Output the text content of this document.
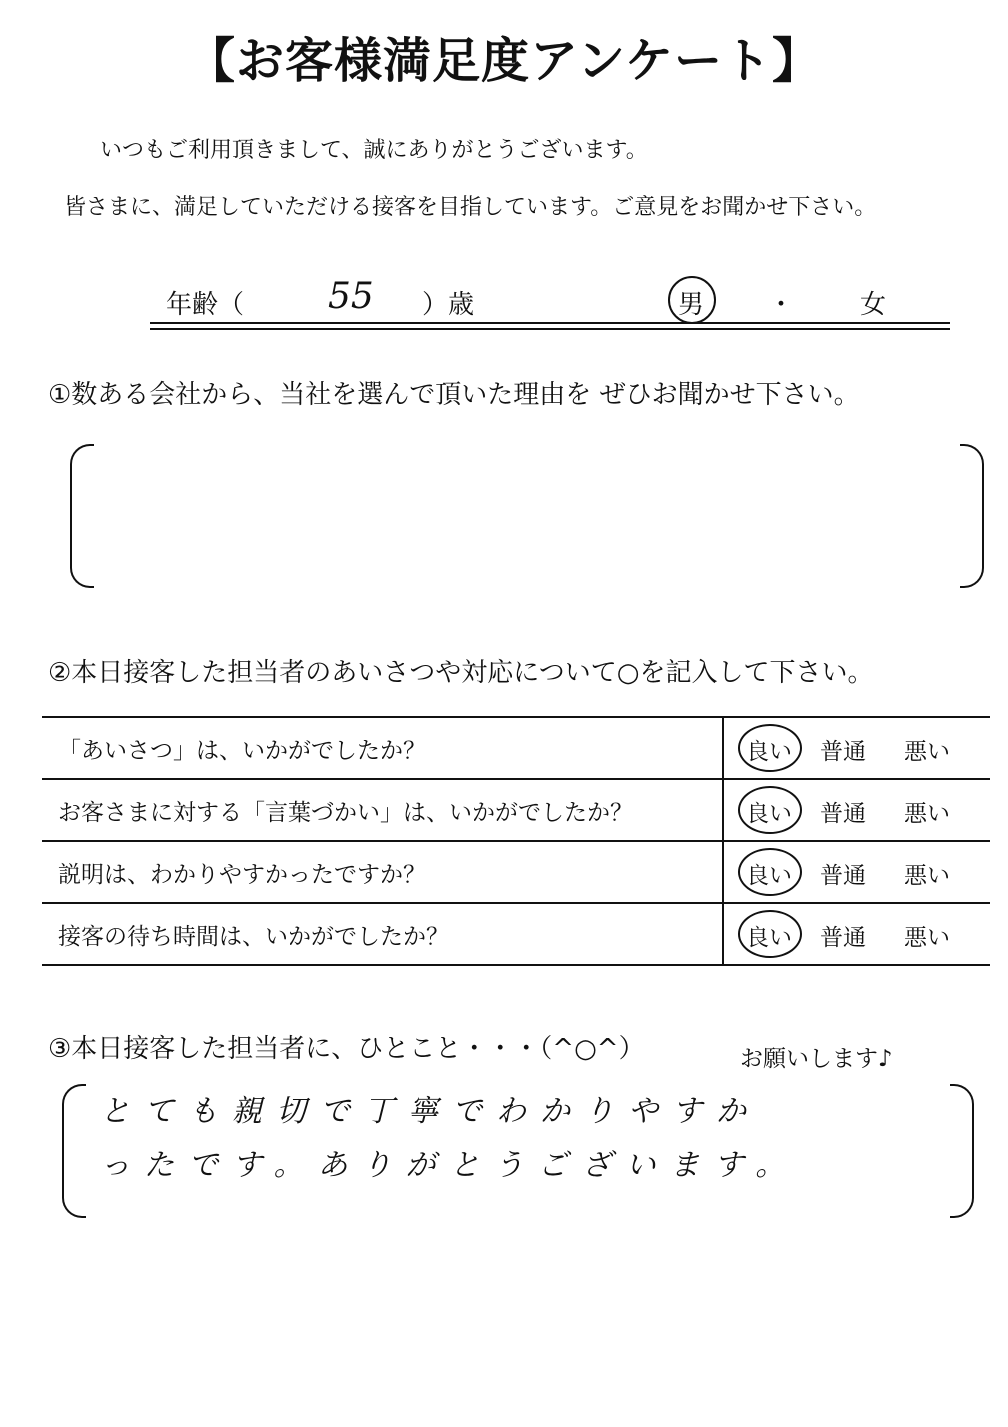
【お客様満足度アンケート】
いつもご利用頂きまして、誠にありがとうございます。
皆さまに、満足していただける接客を目指しています。ご意見をお聞かせ下さい。
年齢（ 55 ）歳	男 ・	女
①数ある会社から、当社を選んで頂いた理由を ぜひお聞かせ下さい。
②本日接客した担当者のあいさつや対応について○を記入して下さい。
「あいさつ」は、いかがでしたか？	良い 普通 悪い

お客さまに対する「言葉づかい」は、いかがでしたか？	良い 普通 悪い

説明は、わかりやすかったですか？	良い 普通 悪い

接客の待ち時間は、いかがでしたか？	良い 普通 悪い
③本日接客した担当者に、ひとこと・・・（^○^）	お願いします♪
とても親切で丁寧でわかりやすか
ったです。ありがとうございます。
